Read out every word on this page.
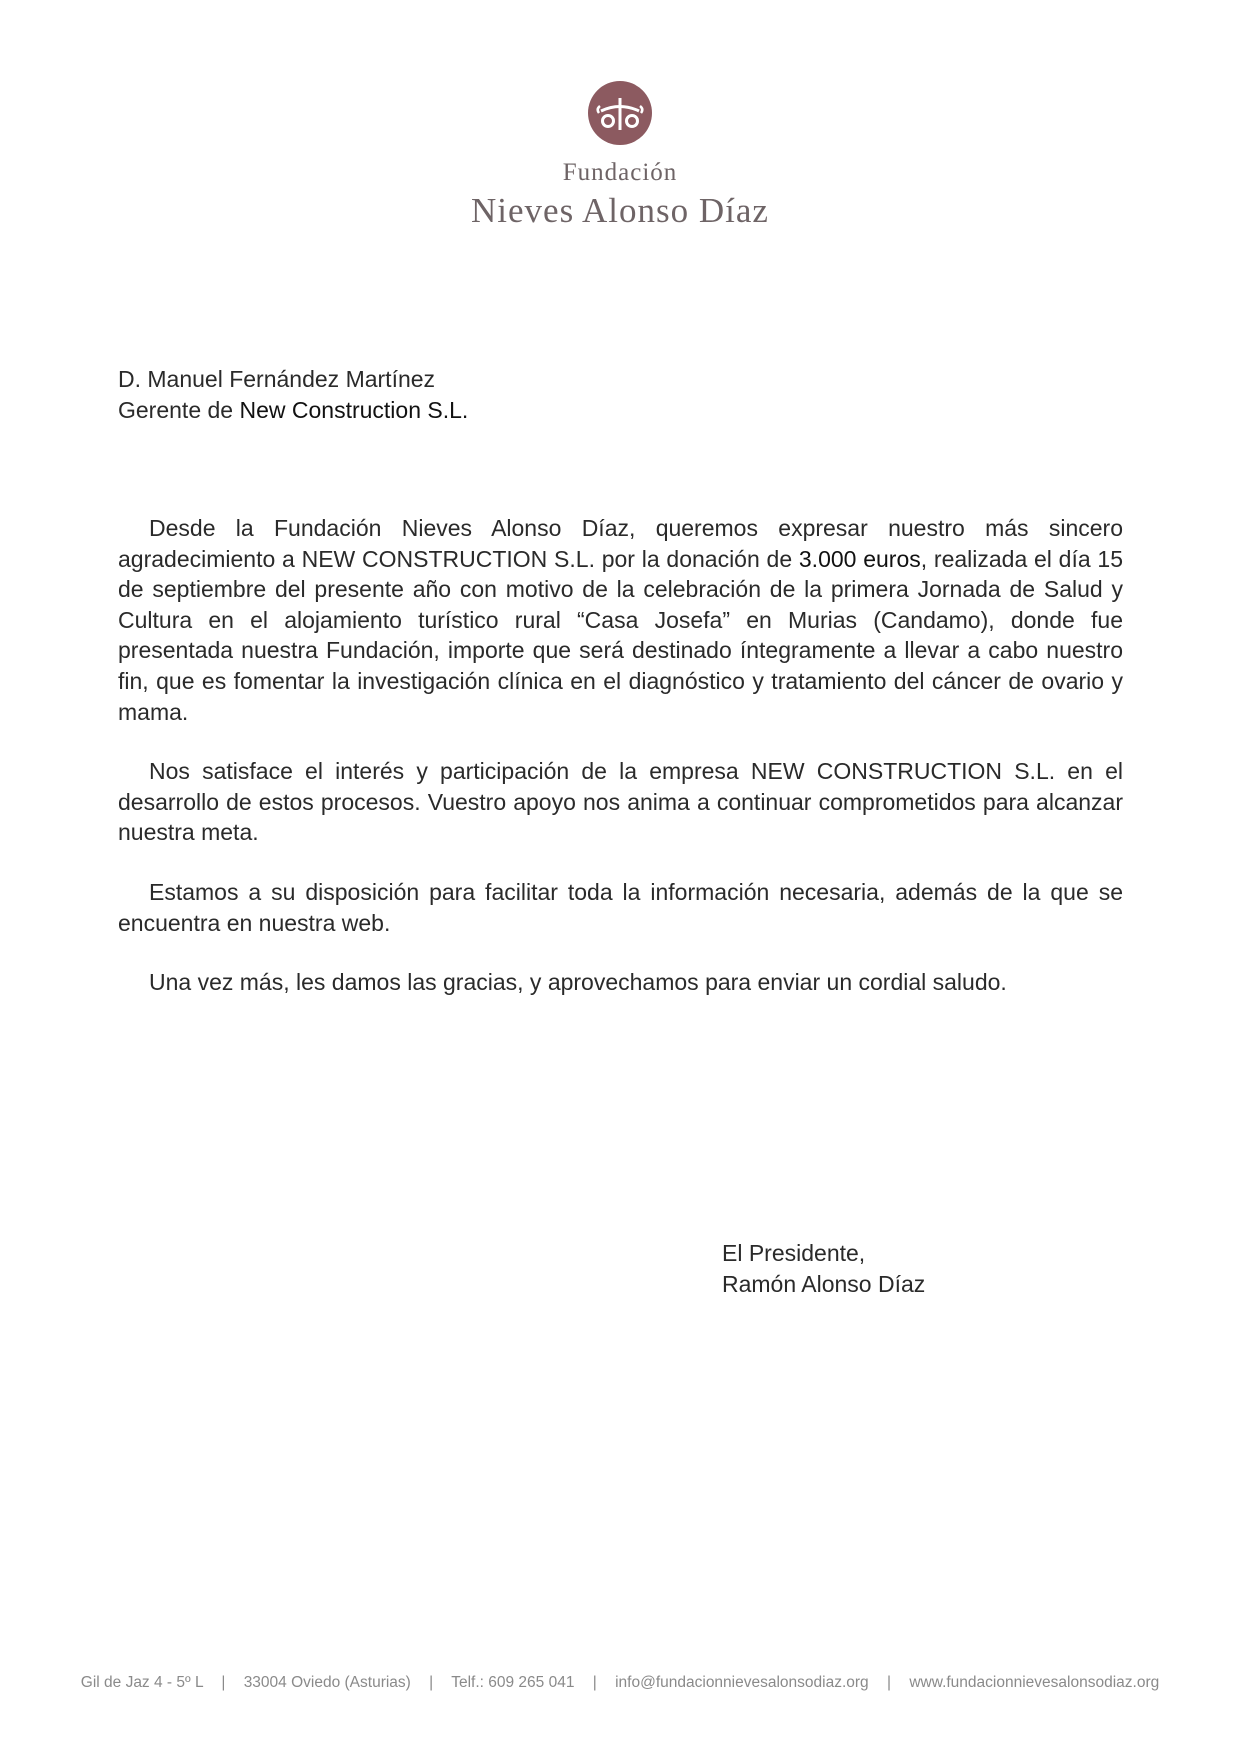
Fundación
Nieves Alonso Díaz
D. Manuel Fernández Martínez
Gerente de New Construction S.L.

Desde la Fundación Nieves Alonso Díaz, queremos expresar nuestro más sincero agradecimiento a NEW CONSTRUCTION S.L. por la donación de 3.000 euros, realizada el día 15 de septiembre del presente año con motivo de la celebración de la primera Jornada de Salud y Cultura en el alojamiento turístico rural “Casa Josefa” en Murias (Candamo), donde fue presentada nuestra Fundación, importe que será destinado íntegramente a llevar a cabo nuestro fin, que es fomentar la investigación clínica en el diagnóstico y tratamiento del cáncer de ovario y mama.

Nos satisface el interés y participación de la empresa NEW CONSTRUCTION S.L. en el desarrollo de estos procesos. Vuestro apoyo nos anima a continuar comprometidos para alcanzar nuestra meta.

Estamos a su disposición para facilitar toda la información necesaria, además de la que se encuentra en nuestra web.

Una vez más, les damos las gracias, y aprovechamos para enviar un cordial saludo.

El Presidente,
Ramón Alonso Díaz
Gil de Jaz 4 - 5º L | 33004 Oviedo (Asturias) | Telf.: 609 265 041 | info@fundacionnievesalonsodiaz.org | www.fundacionnievesalonsodiaz.org
